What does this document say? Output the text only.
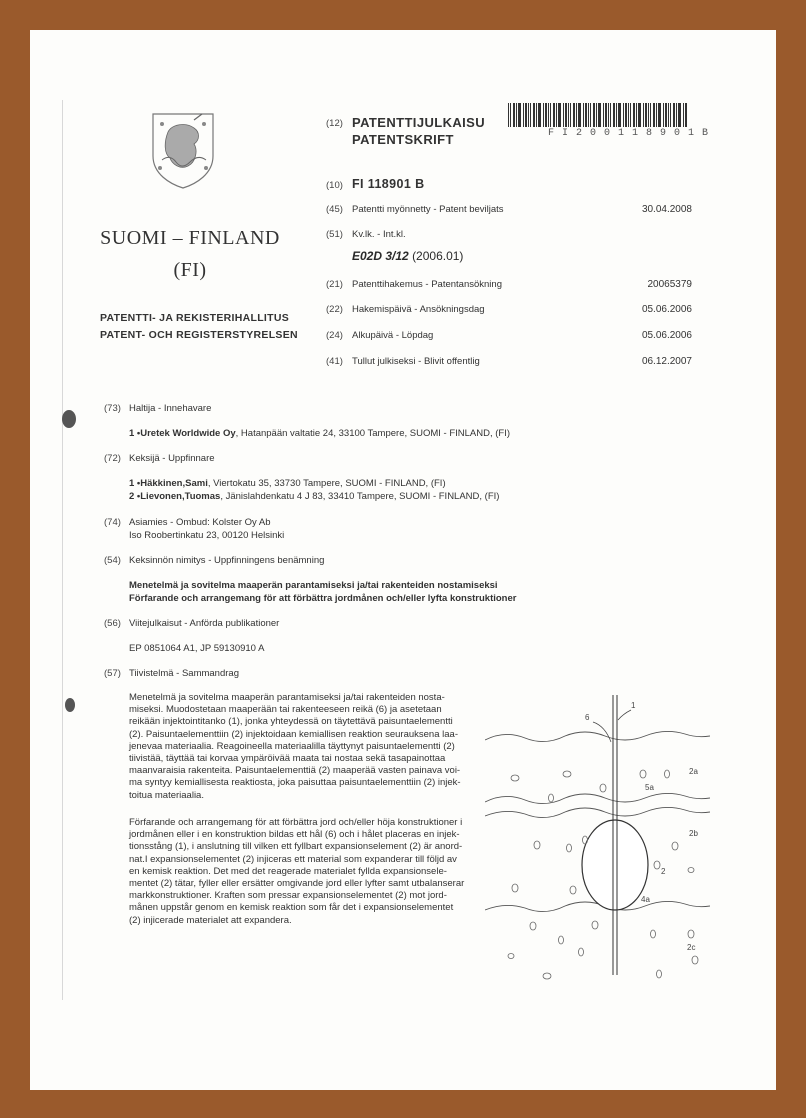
SUOMI – FINLAND
(FI)
PATENTTI- JA REKISTERIHALLITUS
PATENT- OCH REGISTERSTYRELSEN
(12) PATENTTIJULKAISU
PATENTSKRIFT	F I 2 0 0 1 1 8 9 0 1 B
(10) FI 118901 B
(45) Patentti myönnetty - Patent beviljats	30.04.2008
(51) Kv.lk. - Int.kl.
E02D 3/12 (2006.01)
(21) Patenttihakemus - Patentansökning	20065379
(22) Hakemispäivä - Ansökningsdag	05.06.2006
(24) Alkupäivä - Löpdag	05.06.2006
(41) Tullut julkiseksi - Blivit offentlig	06.12.2007
(73) Haltija - Innehavare
1 •Uretek Worldwide Oy, Hatanpään valtatie 24, 33100 Tampere, SUOMI - FINLAND, (FI)
(72) Keksijä - Uppfinnare
1 •Häkkinen,Sami, Viertokatu 35, 33730 Tampere, SUOMI - FINLAND, (FI)
2 •Lievonen,Tuomas, Jänislahdenkatu 4 J 83, 33410 Tampere, SUOMI - FINLAND, (FI)
(74) Asiamies - Ombud: Kolster Oy Ab
Iso Roobertinkatu 23, 00120 Helsinki
(54) Keksinnön nimitys - Uppfinningens benämning
Menetelmä ja sovitelma maaperän parantamiseksi ja/tai rakenteiden nostamiseksi
Förfarande och arrangemang för att förbättra jordmånen och/eller lyfta konstruktioner
(56) Viitejulkaisut - Anförda publikationer
EP 0851064 A1, JP 59130910 A
(57) Tiivistelmä - Sammandrag
Menetelmä ja sovitelma maaperän parantamiseksi ja/tai rakenteiden nosta-
miseksi. Muodostetaan maaperään tai rakenteeseen reikä (6) ja asetetaan
reikään injektointitanko (1), jonka yhteydessä on täytettävä paisuntaelementti
(2). Paisuntaelementtiin (2) injektoidaan kemiallisen reaktion seurauksena laa-
jenevaa materiaalia. Reagoineella materiaalilla täyttynyt paisuntaelementti (2)
tiivistää, täyttää tai korvaa ympäröivää maata tai nostaa sekä tasapainottaa
maanvaraisia rakenteita. Paisuntaelementtiä (2) maaperää vasten painava voi-
ma syntyy kemiallisesta reaktiosta, joka paisuttaa paisuntaelementtiin (2) injek-
toitua materiaalia.
Förfarande och arrangemang för att förbättra jord och/eller höja konstruktioner i
jordmånen eller i en konstruktion bildas ett hål (6) och i hålet placeras en injek-
tionsstång (1), i anslutning till vilken ett fyllbart expansionselement (2) är anord-
nat.I expansionselementet (2) injiceras ett material som expanderar till följd av
en kemisk reaktion. Det med det reagerade materialet fyllda expansionsele-
mentet (2) tätar, fyller eller ersätter omgivande jord eller lyfter samt utbalanserar
markkonstruktioner. Kraften som pressar expansionselementet (2) mot jord-
månen uppstår genom en kemisk reaktion som får det i expansionselementet
(2) injicerade materialet att expandera.
6
1
2a
5a
2b
2
4a
2c
